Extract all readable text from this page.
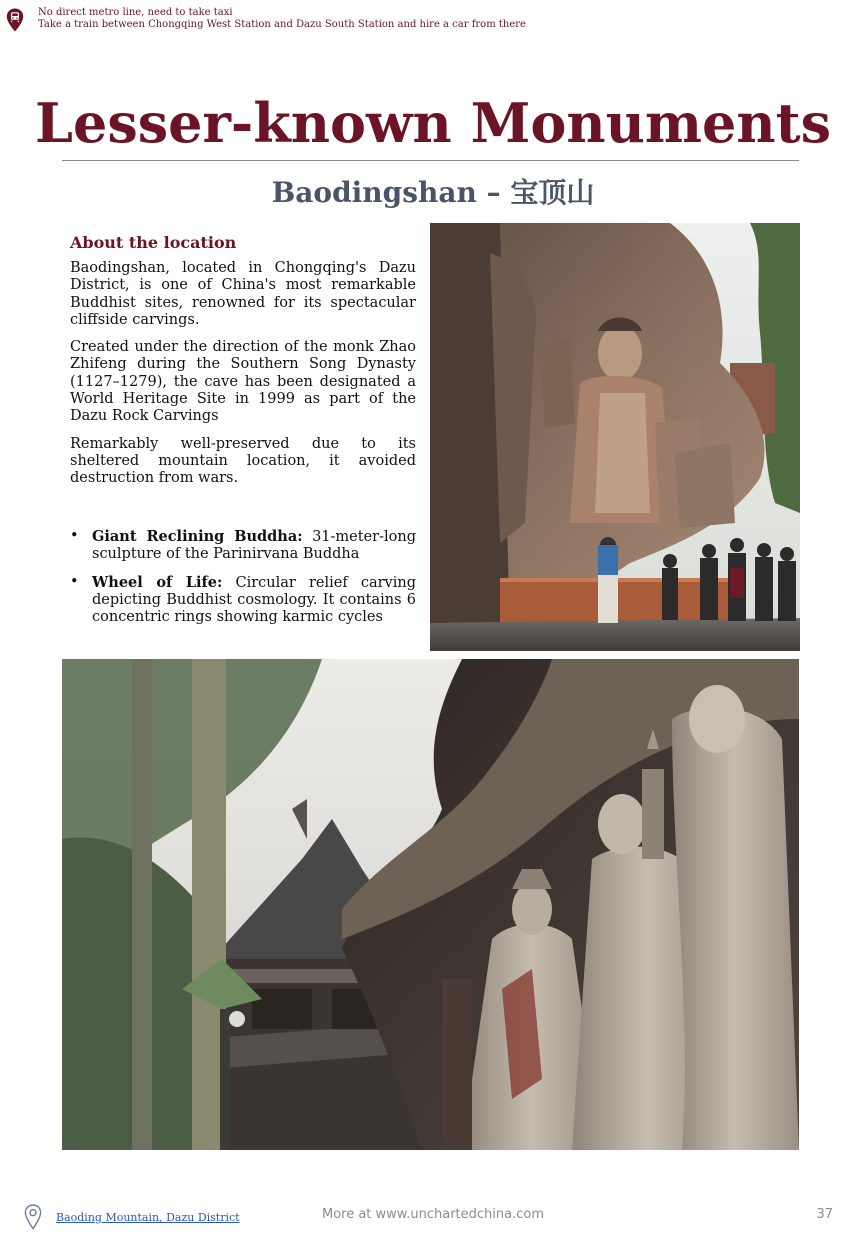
No direct metro line, need to take taxi
Take a train between Chongqing West Station and Dazu South Station and hire a car from there
Lesser-known Monuments
Baodingshan – 宝顶山
About the location

Baodingshan, located in Chongqing's Dazu District, is one of China's most remarkable Buddhist sites, renowned for its spectacular cliffside carvings.

Created under the direction of the monk Zhao Zhifeng during the Southern Song Dynasty (1127–1279), the cave has been designated a World Heritage Site in 1999 as part of the Dazu Rock Carvings

Remarkably well-preserved due to its sheltered mountain location, it avoided destruction from wars.

• Giant Reclining Buddha: 31-meter-long sculpture of the Parinirvana Buddha
• Wheel of Life: Circular relief carving depicting Buddhist cosmology. It contains 6 concentric rings showing karmic cycles
Baoding Mountain, Dazu District	More at www.unchartedchina.com	37
